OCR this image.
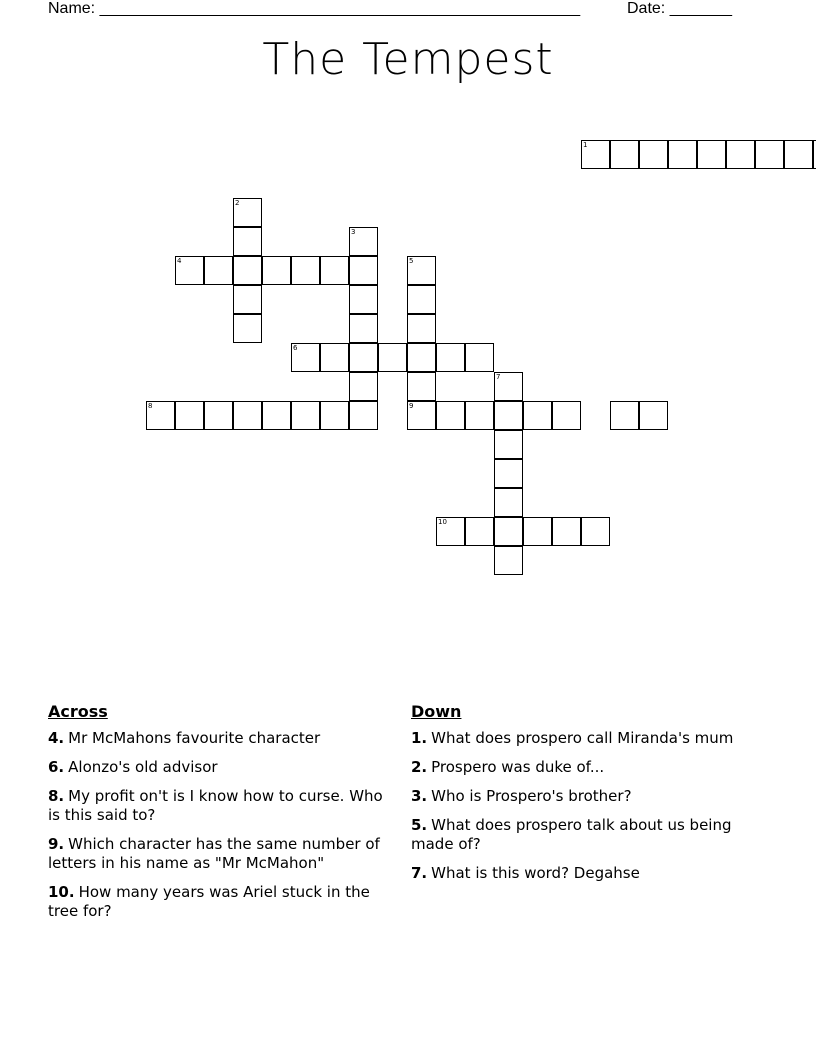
Name: ______________________________________________________	Date: _______
The Tempest
1
2
3
4	5
6
7
8	9
10
Across
4. Mr McMahons favourite character
6. Alonzo's old advisor
8. My profit on't is I know how to curse. Who is this said to?
9. Which character has the same number of letters in his name as "Mr McMahon"
10. How many years was Ariel stuck in the tree for?
Down
1. What does prospero call Miranda's mum
2. Prospero was duke of...
3. Who is Prospero's brother?
5. What does prospero talk about us being made of?
7. What is this word? Degahse
